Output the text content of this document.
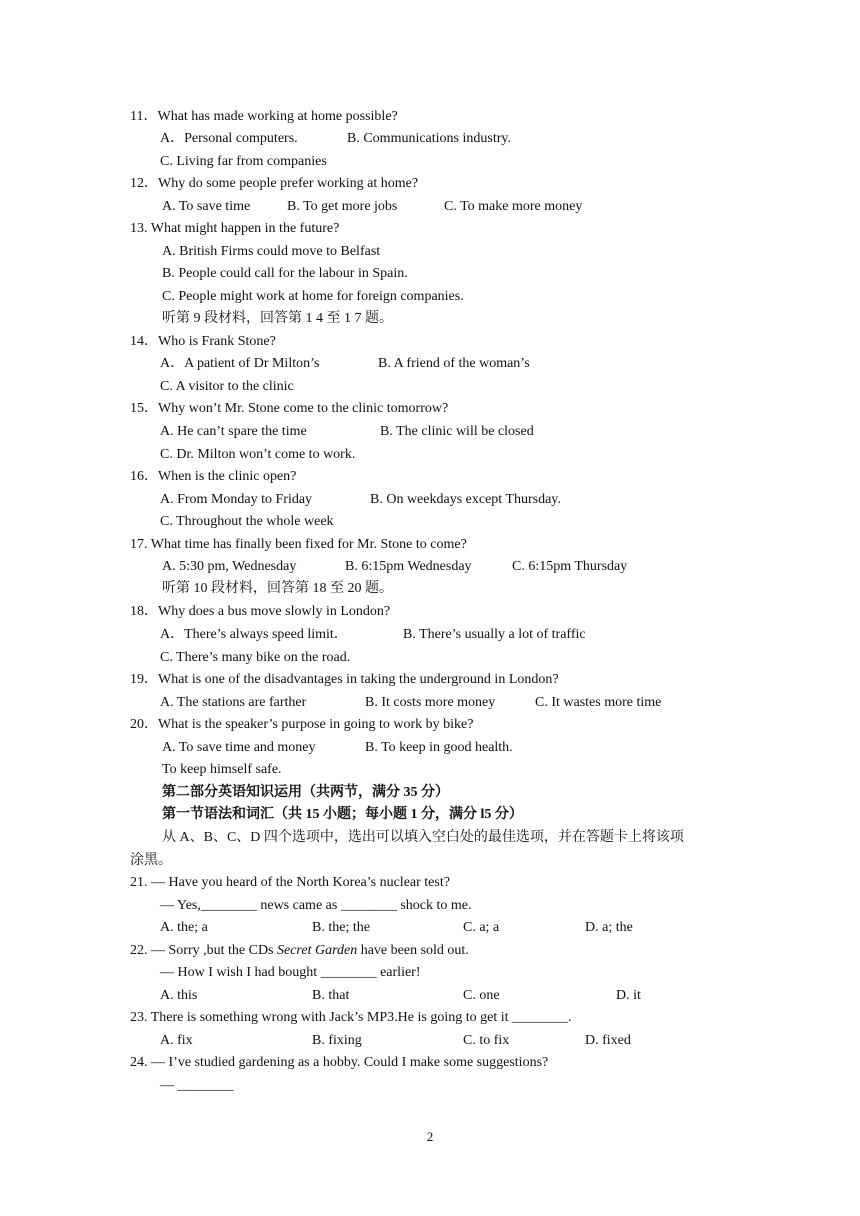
11．What has made working at home possible?
A．Personal computers.	B. Communications industry.
C. Living far from companies
12．Why do some people prefer working at home?
A. To save time	B. To get more jobs	C. To make more money
13. What might happen in the future?
A. British Firms could move to Belfast
B. People could call for the labour in Spain.
C. People might work at home for foreign companies.
听第 9 段材料，回答第 1 4 至 1 7 题。
14．Who is Frank Stone?
A．A patient of Dr Milton’s	B. A friend of the woman’s
C. A visitor to the clinic
15．Why won’t Mr. Stone come to the clinic tomorrow?
A. He can’t spare the time	B. The clinic will be closed
C. Dr. Milton won’t come to work.
16．When is the clinic open?
A. From Monday to Friday	B. On weekdays except Thursday.
C. Throughout the whole week
17. What time has finally been fixed for Mr. Stone to come?
A. 5:30 pm, Wednesday	B. 6:15pm Wednesday	C. 6:15pm Thursday
听第 10 段材料，回答第 18 至 20 题。
18．Why does a bus move slowly in London?
A．There’s always speed limit．	B. There’s usually a lot of traffic
C. There’s many bike on the road.
19．What is one of the disadvantages in taking the underground in London?
A. The stations are farther	B. It costs more money	C. It wastes more time
20．What is the speaker’s purpose in going to work by bike?
A. To save time and money	B. To keep in good health.
To keep himself safe.
第二部分英语知识运用（共两节，满分 35 分）
第一节语法和词汇（共 15 小题；每小题 1 分，满分 l5 分）
从 A、B、C、D 四个选项中，选出可以填入空白处的最佳选项，并在答题卡上将该项
涂黑。
21. — Have you heard of the North Korea’s nuclear test?
— Yes,________ news came as ________ shock to me.
A. the; a	B. the; the	C. a; a	D. a; the
22. — Sorry ,but the CDs Secret Garden have been sold out.
— How I wish I had bought ________ earlier!
A. this	B. that	C. one	D. it
23. There is something wrong with Jack’s MP3.He is going to get it ________.
A. fix	B. fixing	C. to fix	D. fixed
24. — I’ve studied gardening as a hobby. Could I make some suggestions?
— ________
2
